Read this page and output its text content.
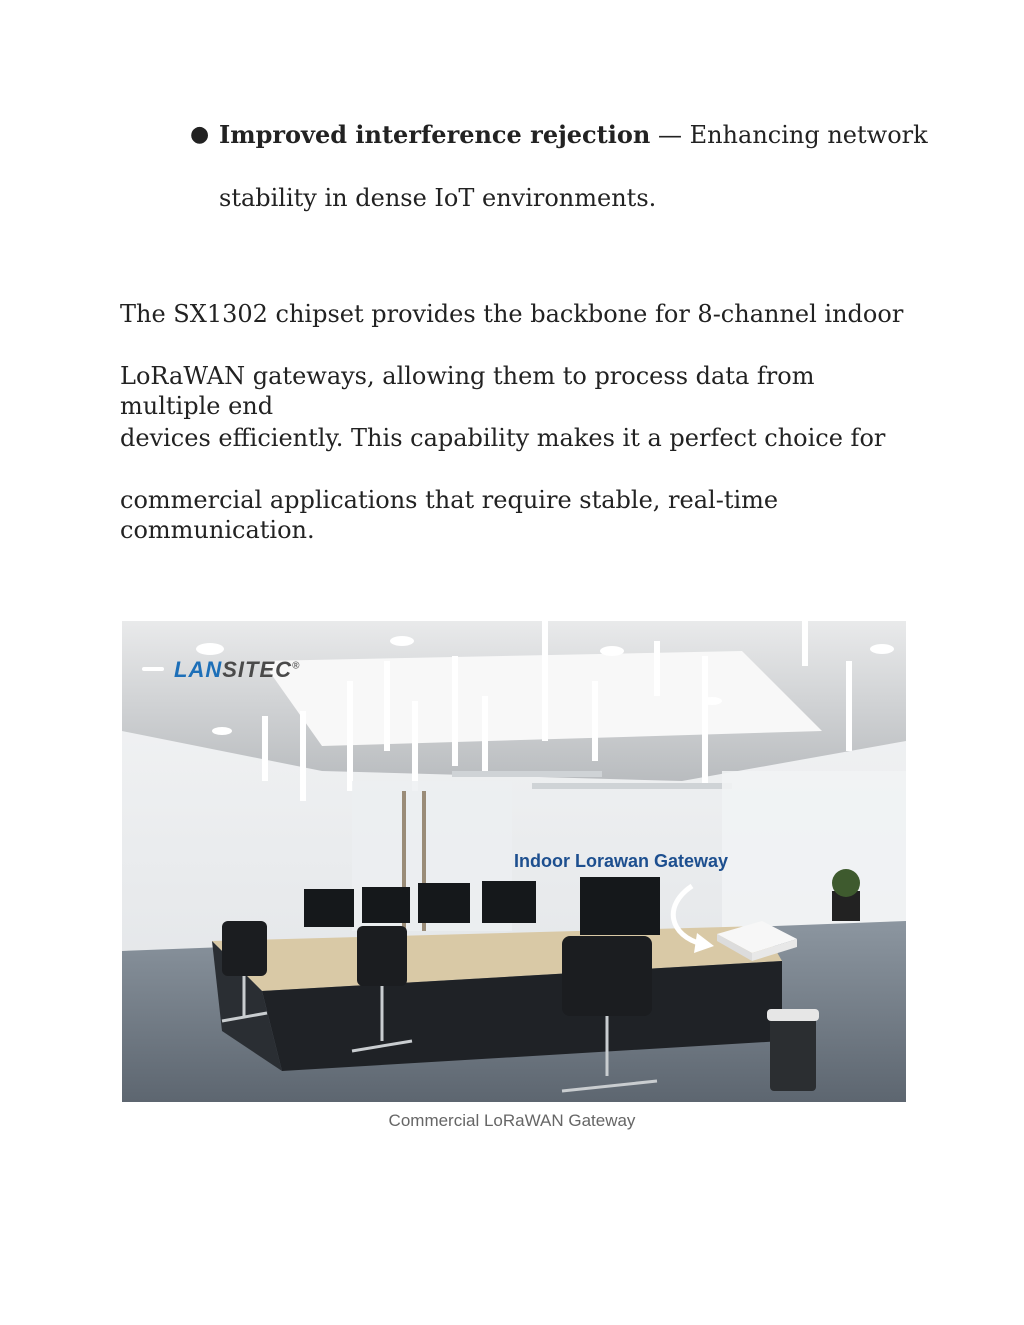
● Improved interference rejection — Enhancing network
stability in dense IoT environments.
The SX1302 chipset provides the backbone for 8-channel indoor
LoRaWAN gateways, allowing them to process data from multiple end
devices efficiently. This capability makes it a perfect choice for
commercial applications that require stable, real-time communication.
LANSITEC®
Indoor Lorawan Gateway
Commercial LoRaWAN Gateway
